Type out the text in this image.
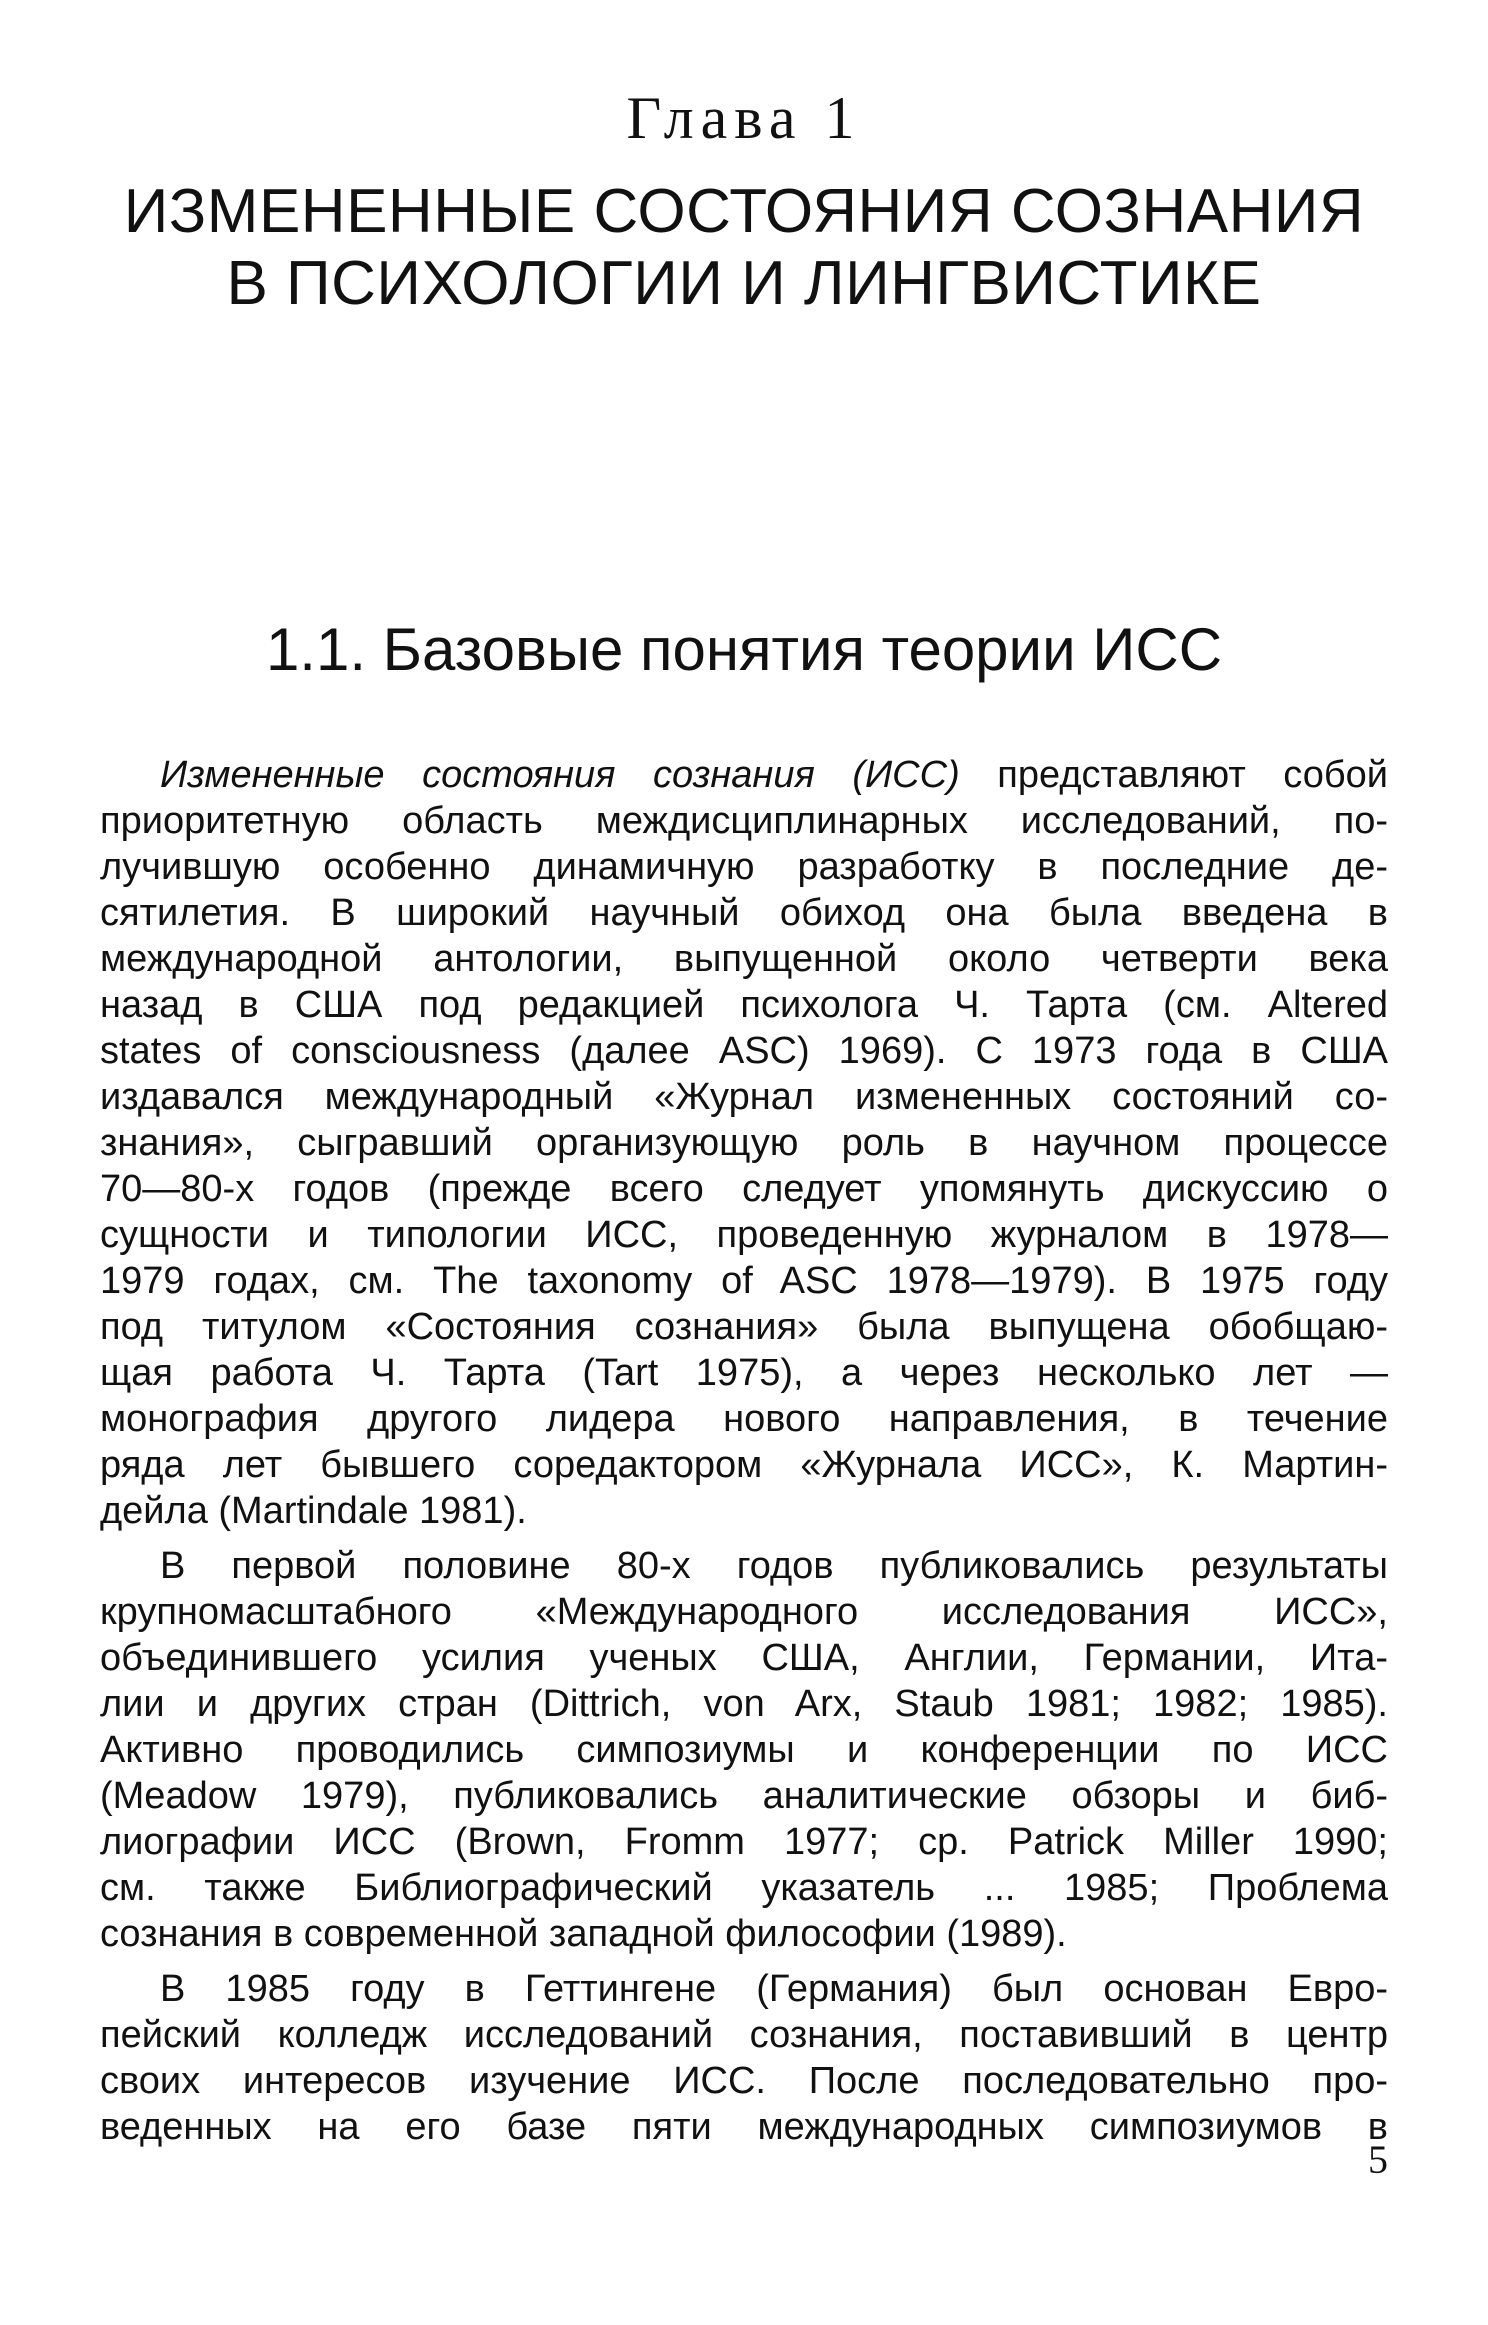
Глава 1
ИЗМЕНЕННЫЕ СОСТОЯНИЯ СОЗНАНИЯ
В ПСИХОЛОГИИ И ЛИНГВИСТИКЕ
1.1. Базовые понятия теории ИСС
Измененные состояния сознания (ИСС) представляют собой
приоритетную область междисциплинарных исследований, по-
лучившую особенно динамичную разработку в последние де-
сятилетия. В широкий научный обиход она была введена в
международной антологии, выпущенной около четверти века
назад в США под редакцией психолога Ч. Тарта (см. Altered
states of consciousness (далее ASC) 1969). С 1973 года в США
издавался международный «Журнал измененных состояний со-
знания», сыгравший организующую роль в научном процессе
70—80-х годов (прежде всего следует упомянуть дискуссию о
сущности и типологии ИСС, проведенную журналом в 1978—
1979 годах, см. The taxonomy of ASC 1978—1979). В 1975 году
под титулом «Состояния сознания» была выпущена обобщаю-
щая работа Ч. Тарта (Tart 1975), а через несколько лет —
монография другого лидера нового направления, в течение
ряда лет бывшего соредактором «Журнала ИСС», К. Мартин-
дейла (Martindale 1981).
В первой половине 80-х годов публиковались результаты
крупномасштабного «Международного исследования ИСС»,
объединившего усилия ученых США, Англии, Германии, Ита-
лии и других стран (Dittrich, von Arx, Staub 1981; 1982; 1985).
Активно проводились симпозиумы и конференции по ИСС
(Meadow 1979), публиковались аналитические обзоры и биб-
лиографии ИСС (Brown, Fromm 1977; cp. Patrick Miller 1990;
см. также Библиографический указатель ... 1985; Проблема
сознания в современной западной философии (1989).
В 1985 году в Геттингене (Германия) был основан Евро-
пейский колледж исследований сознания, поставивший в центр
своих интересов изучение ИСС. После последовательно про-
веденных на его базе пяти международных симпозиумов в
5
